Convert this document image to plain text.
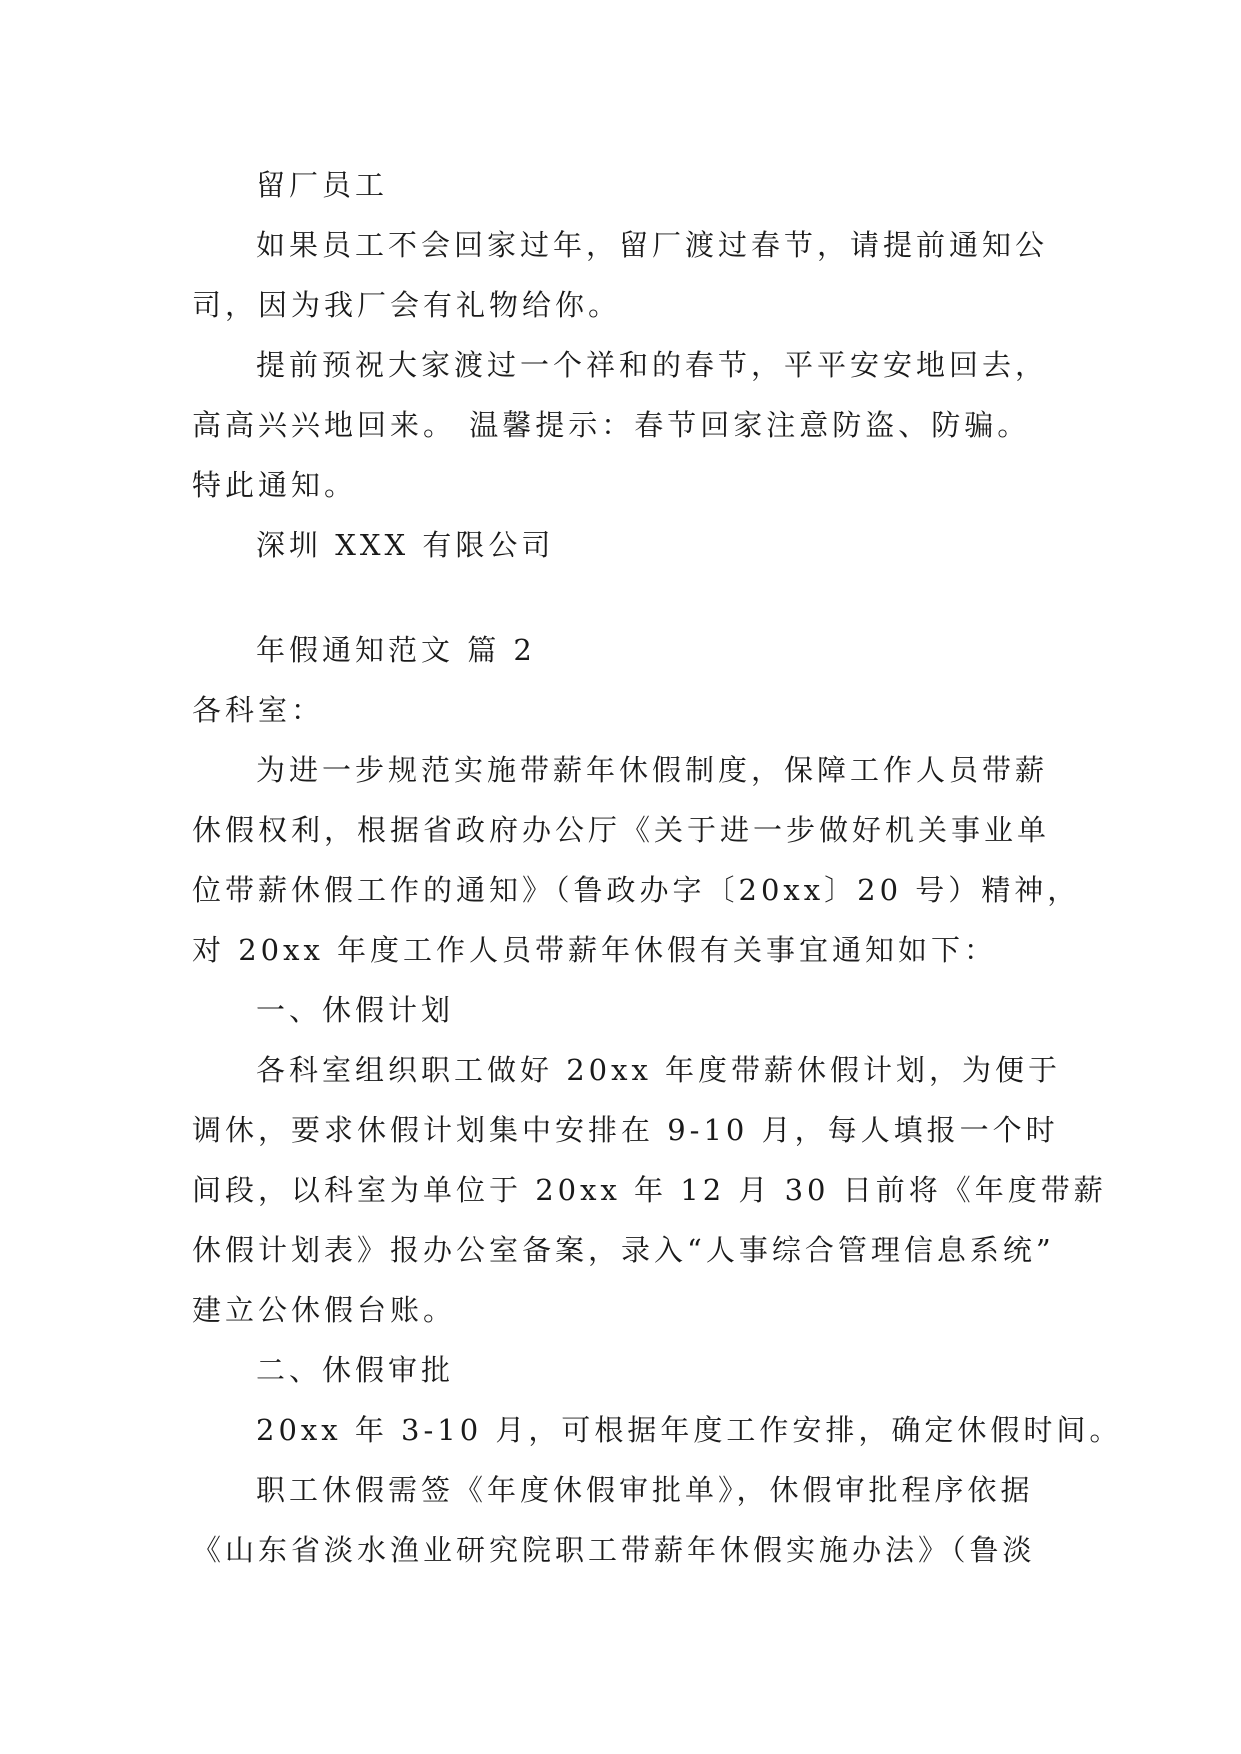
留厂员工
如果员工不会回家过年，留厂渡过春节，请提前通知公
司，因为我厂会有礼物给你。
提前预祝大家渡过一个祥和的春节，平平安安地回去，
高高兴兴地回来。 温馨提示：春节回家注意防盗、防骗。
特此通知。
深圳 XXX 有限公司
年假通知范文 篇 2
各科室：
为进一步规范实施带薪年休假制度，保障工作人员带薪
休假权利，根据省政府办公厅《关于进一步做好机关事业单
位带薪休假工作的通知》（鲁政办字〔20xx〕20 号）精神，
对 20xx 年度工作人员带薪年休假有关事宜通知如下：
一、休假计划
各科室组织职工做好 20xx 年度带薪休假计划，为便于
调休，要求休假计划集中安排在 9-10 月，每人填报一个时
间段，以科室为单位于 20xx 年 12 月 30 日前将《年度带薪
休假计划表》报办公室备案，录入“人事综合管理信息系统”
建立公休假台账。
二、休假审批
20xx 年 3-10 月，可根据年度工作安排，确定休假时间。
职工休假需签《年度休假审批单》，休假审批程序依据
《山东省淡水渔业研究院职工带薪年休假实施办法》（鲁淡
